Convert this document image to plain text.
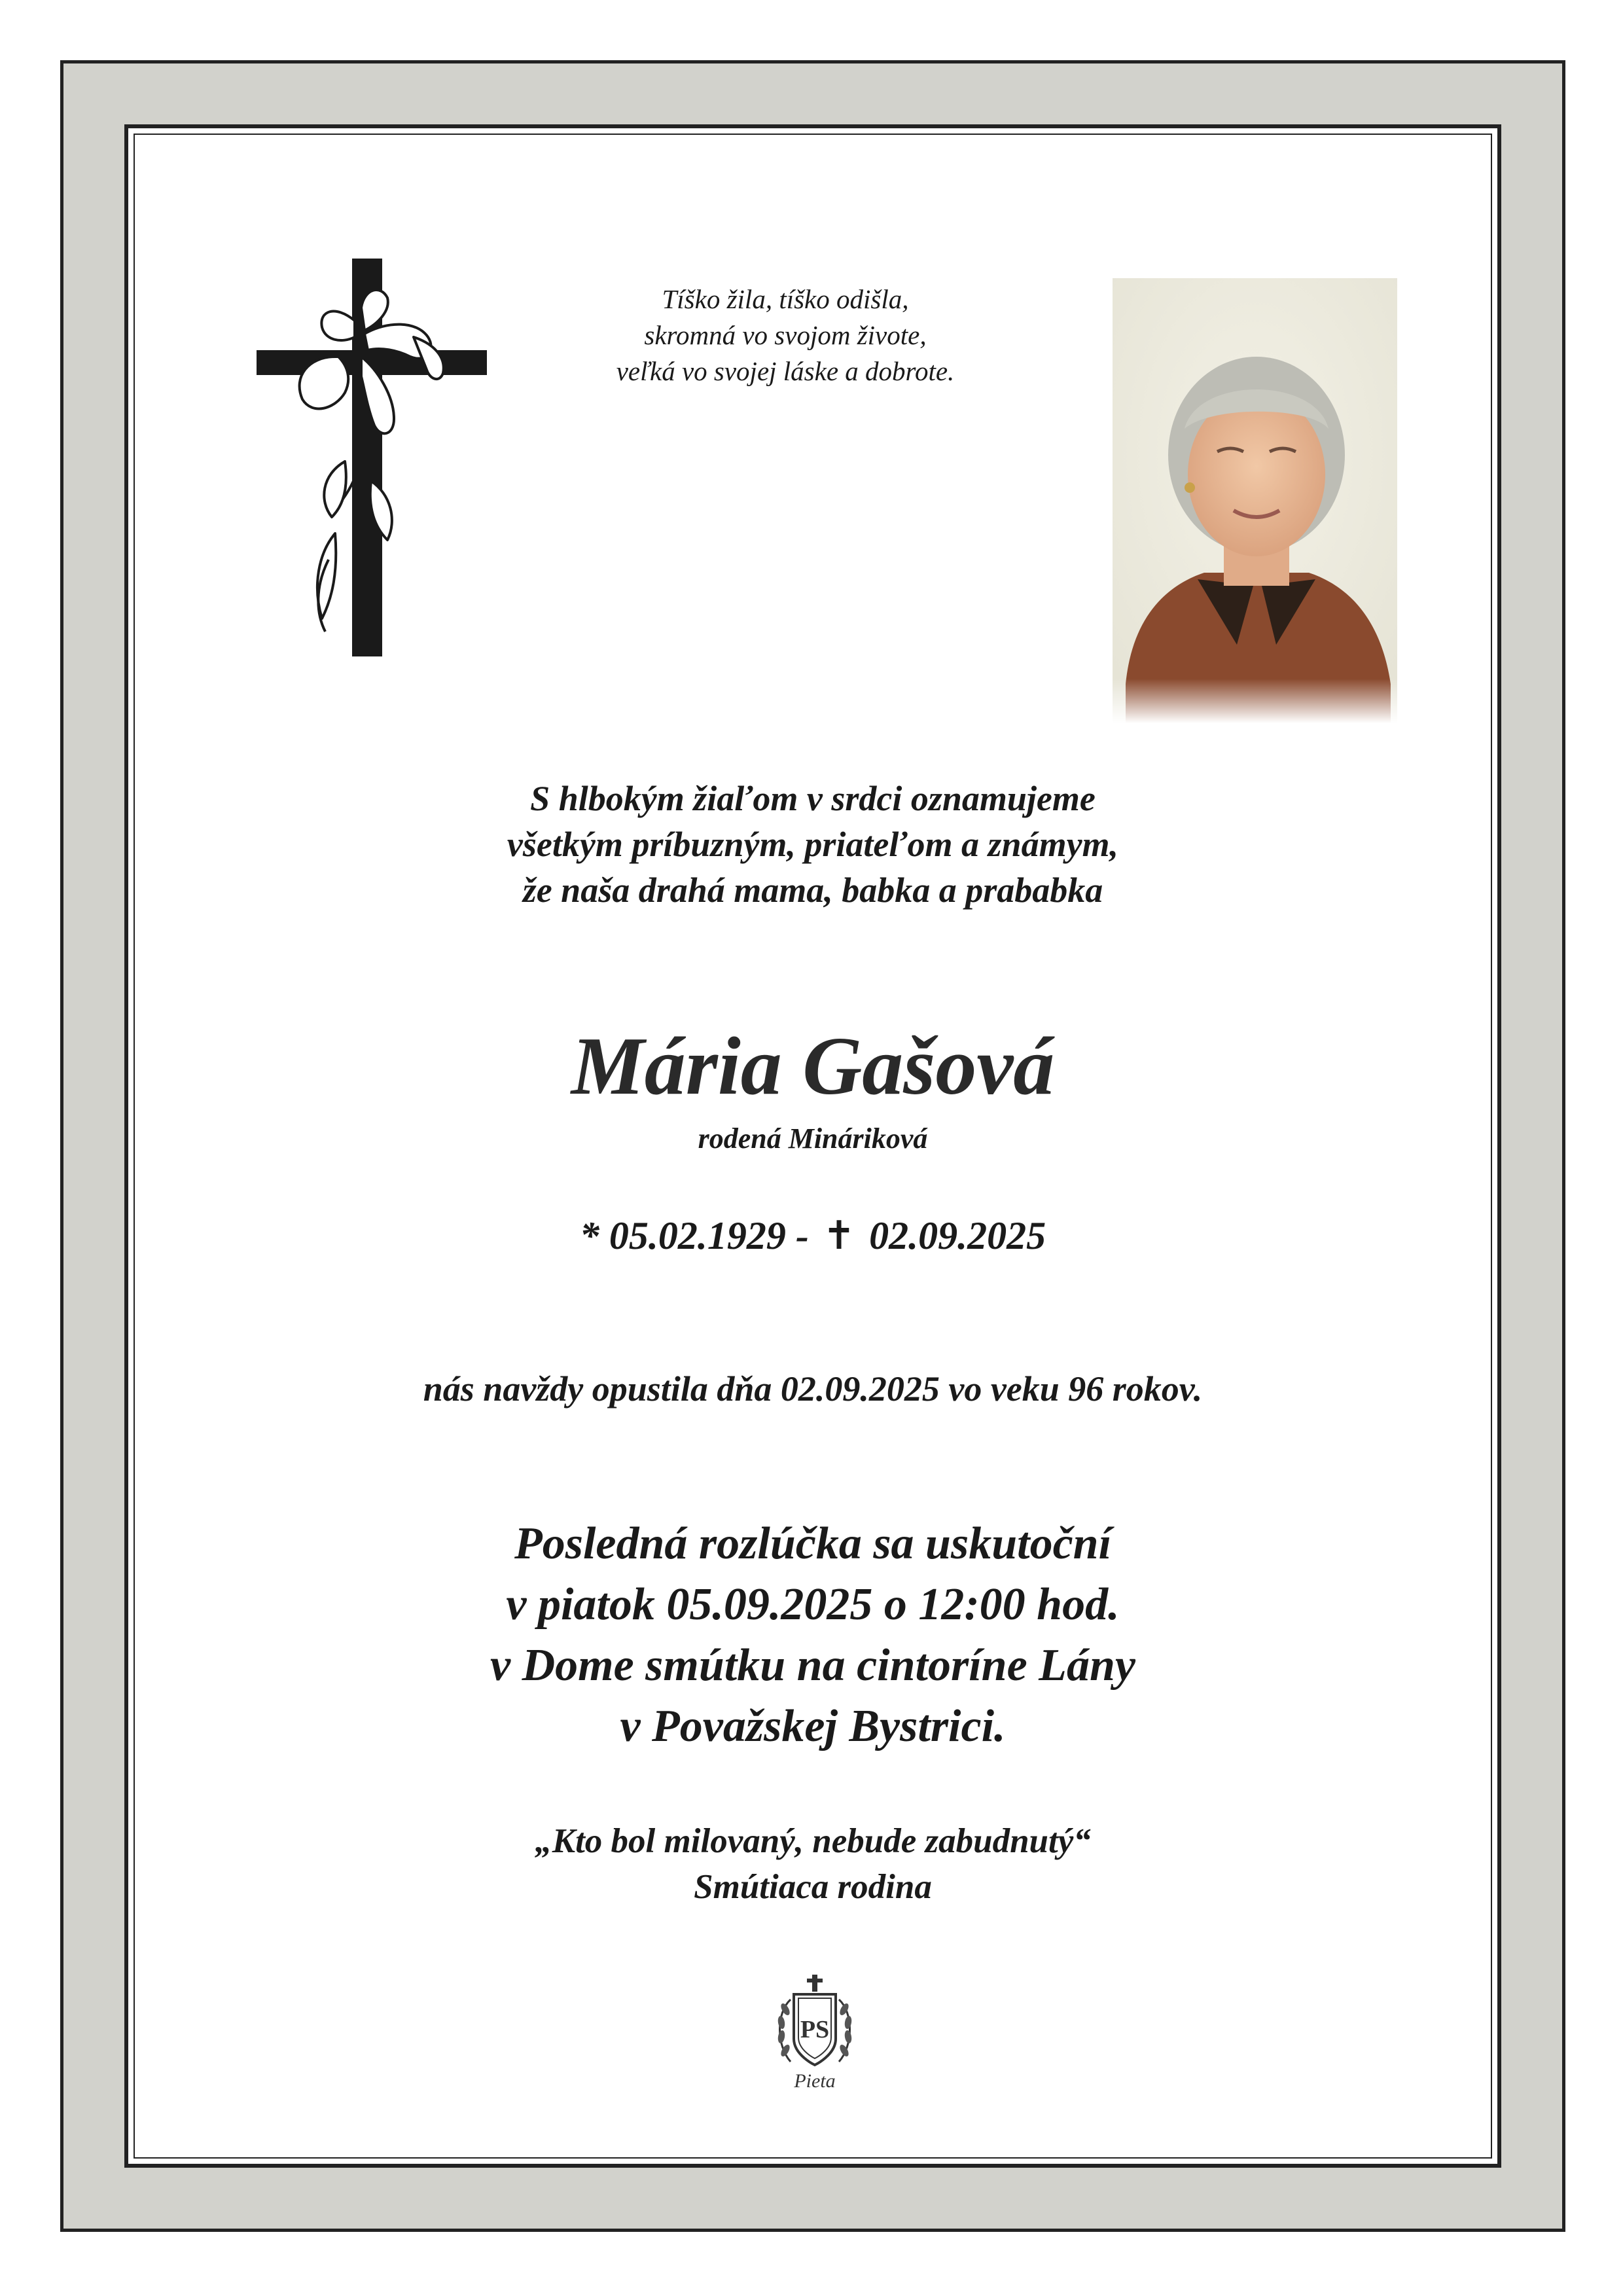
Tíško žila, tíško odišla,
skromná vo svojom živote,
veľká vo svojej láske a dobrote.
S hlbokým žiaľom v srdci oznamujeme
všetkým príbuzným, priateľom a známym,
že naša drahá mama, babka a prababka
Mária Gašová
rodená Mináriková
* 05.02.1929 - ✝ 02.09.2025
nás navždy opustila dňa 02.09.2025 vo veku 96 rokov.
Posledná rozlúčka sa uskutoční
v piatok 05.09.2025 o 12:00 hod.
v Dome smútku na cintoríne Lány
v Považskej Bystrici.
„Kto bol milovaný, nebude zabudnutý“
Smútiaca rodina
PS
Pieta
